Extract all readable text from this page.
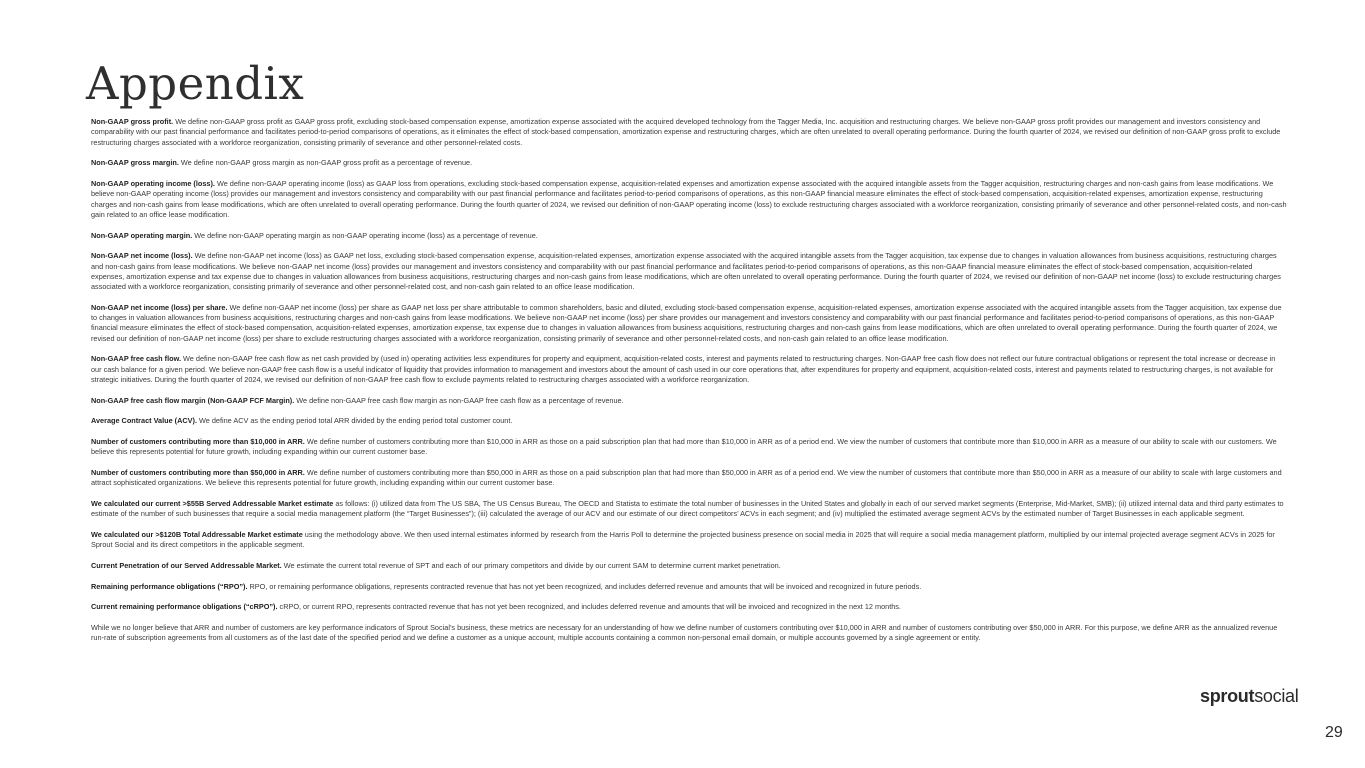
Appendix

Non-GAAP gross profit. We define non-GAAP gross profit as GAAP gross profit, excluding stock-based compensation expense, amortization expense associated with the acquired developed technology from the Tagger Media, Inc. acquisition and restructuring charges. We believe non-GAAP gross profit provides our management and investors consistency and comparability with our past financial performance and facilitates period-to-period comparisons of operations, as it eliminates the effect of stock-based compensation, amortization expense and restructuring charges, which are often unrelated to overall operating performance. During the fourth quarter of 2024, we revised our definition of non-GAAP gross profit to exclude restructuring charges associated with a workforce reorganization, consisting primarily of severance and other personnel-related costs.

Non-GAAP gross margin. We define non-GAAP gross margin as non-GAAP gross profit as a percentage of revenue.

Non-GAAP operating income (loss). We define non-GAAP operating income (loss) as GAAP loss from operations, excluding stock-based compensation expense, acquisition-related expenses and amortization expense associated with the acquired intangible assets from the Tagger acquisition, restructuring charges and non-cash gains from lease modifications. We believe non-GAAP operating income (loss) provides our management and investors consistency and comparability with our past financial performance and facilitates period-to-period comparisons of operations, as this non-GAAP financial measure eliminates the effect of stock-based compensation, acquisition-related expenses, amortization expense, restructuring charges and non-cash gains from lease modifications, which are often unrelated to overall operating performance. During the fourth quarter of 2024, we revised our definition of non-GAAP operating income (loss) to exclude restructuring charges associated with a workforce reorganization, consisting primarily of severance and other personnel-related costs, and non-cash gain related to an office lease modification.

Non-GAAP operating margin. We define non-GAAP operating margin as non-GAAP operating income (loss) as a percentage of revenue.

Non-GAAP net income (loss). We define non-GAAP net income (loss) as GAAP net loss, excluding stock-based compensation expense, acquisition-related expenses, amortization expense associated with the acquired intangible assets from the Tagger acquisition, tax expense due to changes in valuation allowances from business acquisitions, restructuring charges and non-cash gains from lease modifications. We believe non-GAAP net income (loss) provides our management and investors consistency and comparability with our past financial performance and facilitates period-to-period comparisons of operations, as this non-GAAP financial measure eliminates the effect of stock-based compensation, acquisition-related expenses, amortization expense and tax expense due to changes in valuation allowances from business acquisitions, restructuring charges and non-cash gains from lease modifications, which are often unrelated to overall operating performance. During the fourth quarter of 2024, we revised our definition of non-GAAP net income (loss) to exclude restructuring charges associated with a workforce reorganization, consisting primarily of severance and other personnel-related cost, and non-cash gain related to an office lease modification.

Non-GAAP net income (loss) per share. We define non-GAAP net income (loss) per share as GAAP net loss per share attributable to common shareholders, basic and diluted, excluding stock-based compensation expense, acquisition-related expenses, amortization expense associated with the acquired intangible assets from the Tagger acquisition, tax expense due to changes in valuation allowances from business acquisitions, restructuring charges and non-cash gains from lease modifications. We believe non-GAAP net income (loss) per share provides our management and investors consistency and comparability with our past financial performance and facilitates period-to-period comparisons of operations, as this non-GAAP financial measure eliminates the effect of stock-based compensation, acquisition-related expenses, amortization expense, tax expense due to changes in valuation allowances from business acquisitions, restructuring charges and non-cash gains from lease modifications, which are often unrelated to overall operating performance. During the fourth quarter of 2024, we revised our definition of non-GAAP net income (loss) per share to exclude restructuring charges associated with a workforce reorganization, consisting primarily of severance and other personnel-related costs, and non-cash gain related to an office lease modification.

Non-GAAP free cash flow. We define non-GAAP free cash flow as net cash provided by (used in) operating activities less expenditures for property and equipment, acquisition-related costs, interest and payments related to restructuring charges. Non-GAAP free cash flow does not reflect our future contractual obligations or represent the total increase or decrease in our cash balance for a given period. We believe non-GAAP free cash flow is a useful indicator of liquidity that provides information to management and investors about the amount of cash used in our core operations that, after expenditures for property and equipment, acquisition-related costs, interest and payments related to restructuring charges, is not available for strategic initiatives. During the fourth quarter of 2024, we revised our definition of non-GAAP free cash flow to exclude payments related to restructuring charges associated with a workforce reorganization.

Non-GAAP free cash flow margin (Non-GAAP FCF Margin). We define non-GAAP free cash flow margin as non-GAAP free cash flow as a percentage of revenue.

Average Contract Value (ACV). We define ACV as the ending period total ARR divided by the ending period total customer count.

Number of customers contributing more than $10,000 in ARR. We define number of customers contributing more than $10,000 in ARR as those on a paid subscription plan that had more than $10,000 in ARR as of a period end. We view the number of customers that contribute more than $10,000 in ARR as a measure of our ability to scale with our customers. We believe this represents potential for future growth, including expanding within our current customer base.

Number of customers contributing more than $50,000 in ARR. We define number of customers contributing more than $50,000 in ARR as those on a paid subscription plan that had more than $50,000 in ARR as of a period end. We view the number of customers that contribute more than $50,000 in ARR as a measure of our ability to scale with large customers and attract sophisticated organizations. We believe this represents potential for future growth, including expanding within our current customer base.

We calculated our current >$55B Served Addressable Market estimate as follows: (i) utilized data from The US SBA, The US Census Bureau, The OECD and Statista to estimate the total number of businesses in the United States and globally in each of our served market segments (Enterprise, Mid-Market, SMB); (ii) utilized internal data and third party estimates to estimate of the number of such businesses that require a social media management platform (the “Target Businesses”); (iii) calculated the average of our ACV and our estimate of our direct competitors’ ACVs in each segment; and (iv) multiplied the estimated average segment ACVs by the estimated number of Target Businesses in each applicable segment.

We calculated our >$120B Total Addressable Market estimate using the methodology above. We then used internal estimates informed by research from the Harris Poll to determine the projected business presence on social media in 2025 that will require a social media management platform, multiplied by our internal projected average segment ACVs in 2025 for Sprout Social and its direct competitors in the applicable segment.

Current Penetration of our Served Addressable Market. We estimate the current total revenue of SPT and each of our primary competitors and divide by our current SAM to determine current market penetration.

Remaining performance obligations (“RPO”). RPO, or remaining performance obligations, represents contracted revenue that has not yet been recognized, and includes deferred revenue and amounts that will be invoiced and recognized in future periods.

Current remaining performance obligations (“cRPO”). cRPO, or current RPO, represents contracted revenue that has not yet been recognized, and includes deferred revenue and amounts that will be invoiced and recognized in the next 12 months.

While we no longer believe that ARR and number of customers are key performance indicators of Sprout Social’s business, these metrics are necessary for an understanding of how we define number of customers contributing over $10,000 in ARR and number of customers contributing over $50,000 in ARR. For this purpose, we define ARR as the annualized revenue run-rate of subscription agreements from all customers as of the last date of the specified period and we define a customer as a unique account, multiple accounts containing a common non-personal email domain, or multiple accounts governed by a single agreement or entity.

sproutsocial
29
